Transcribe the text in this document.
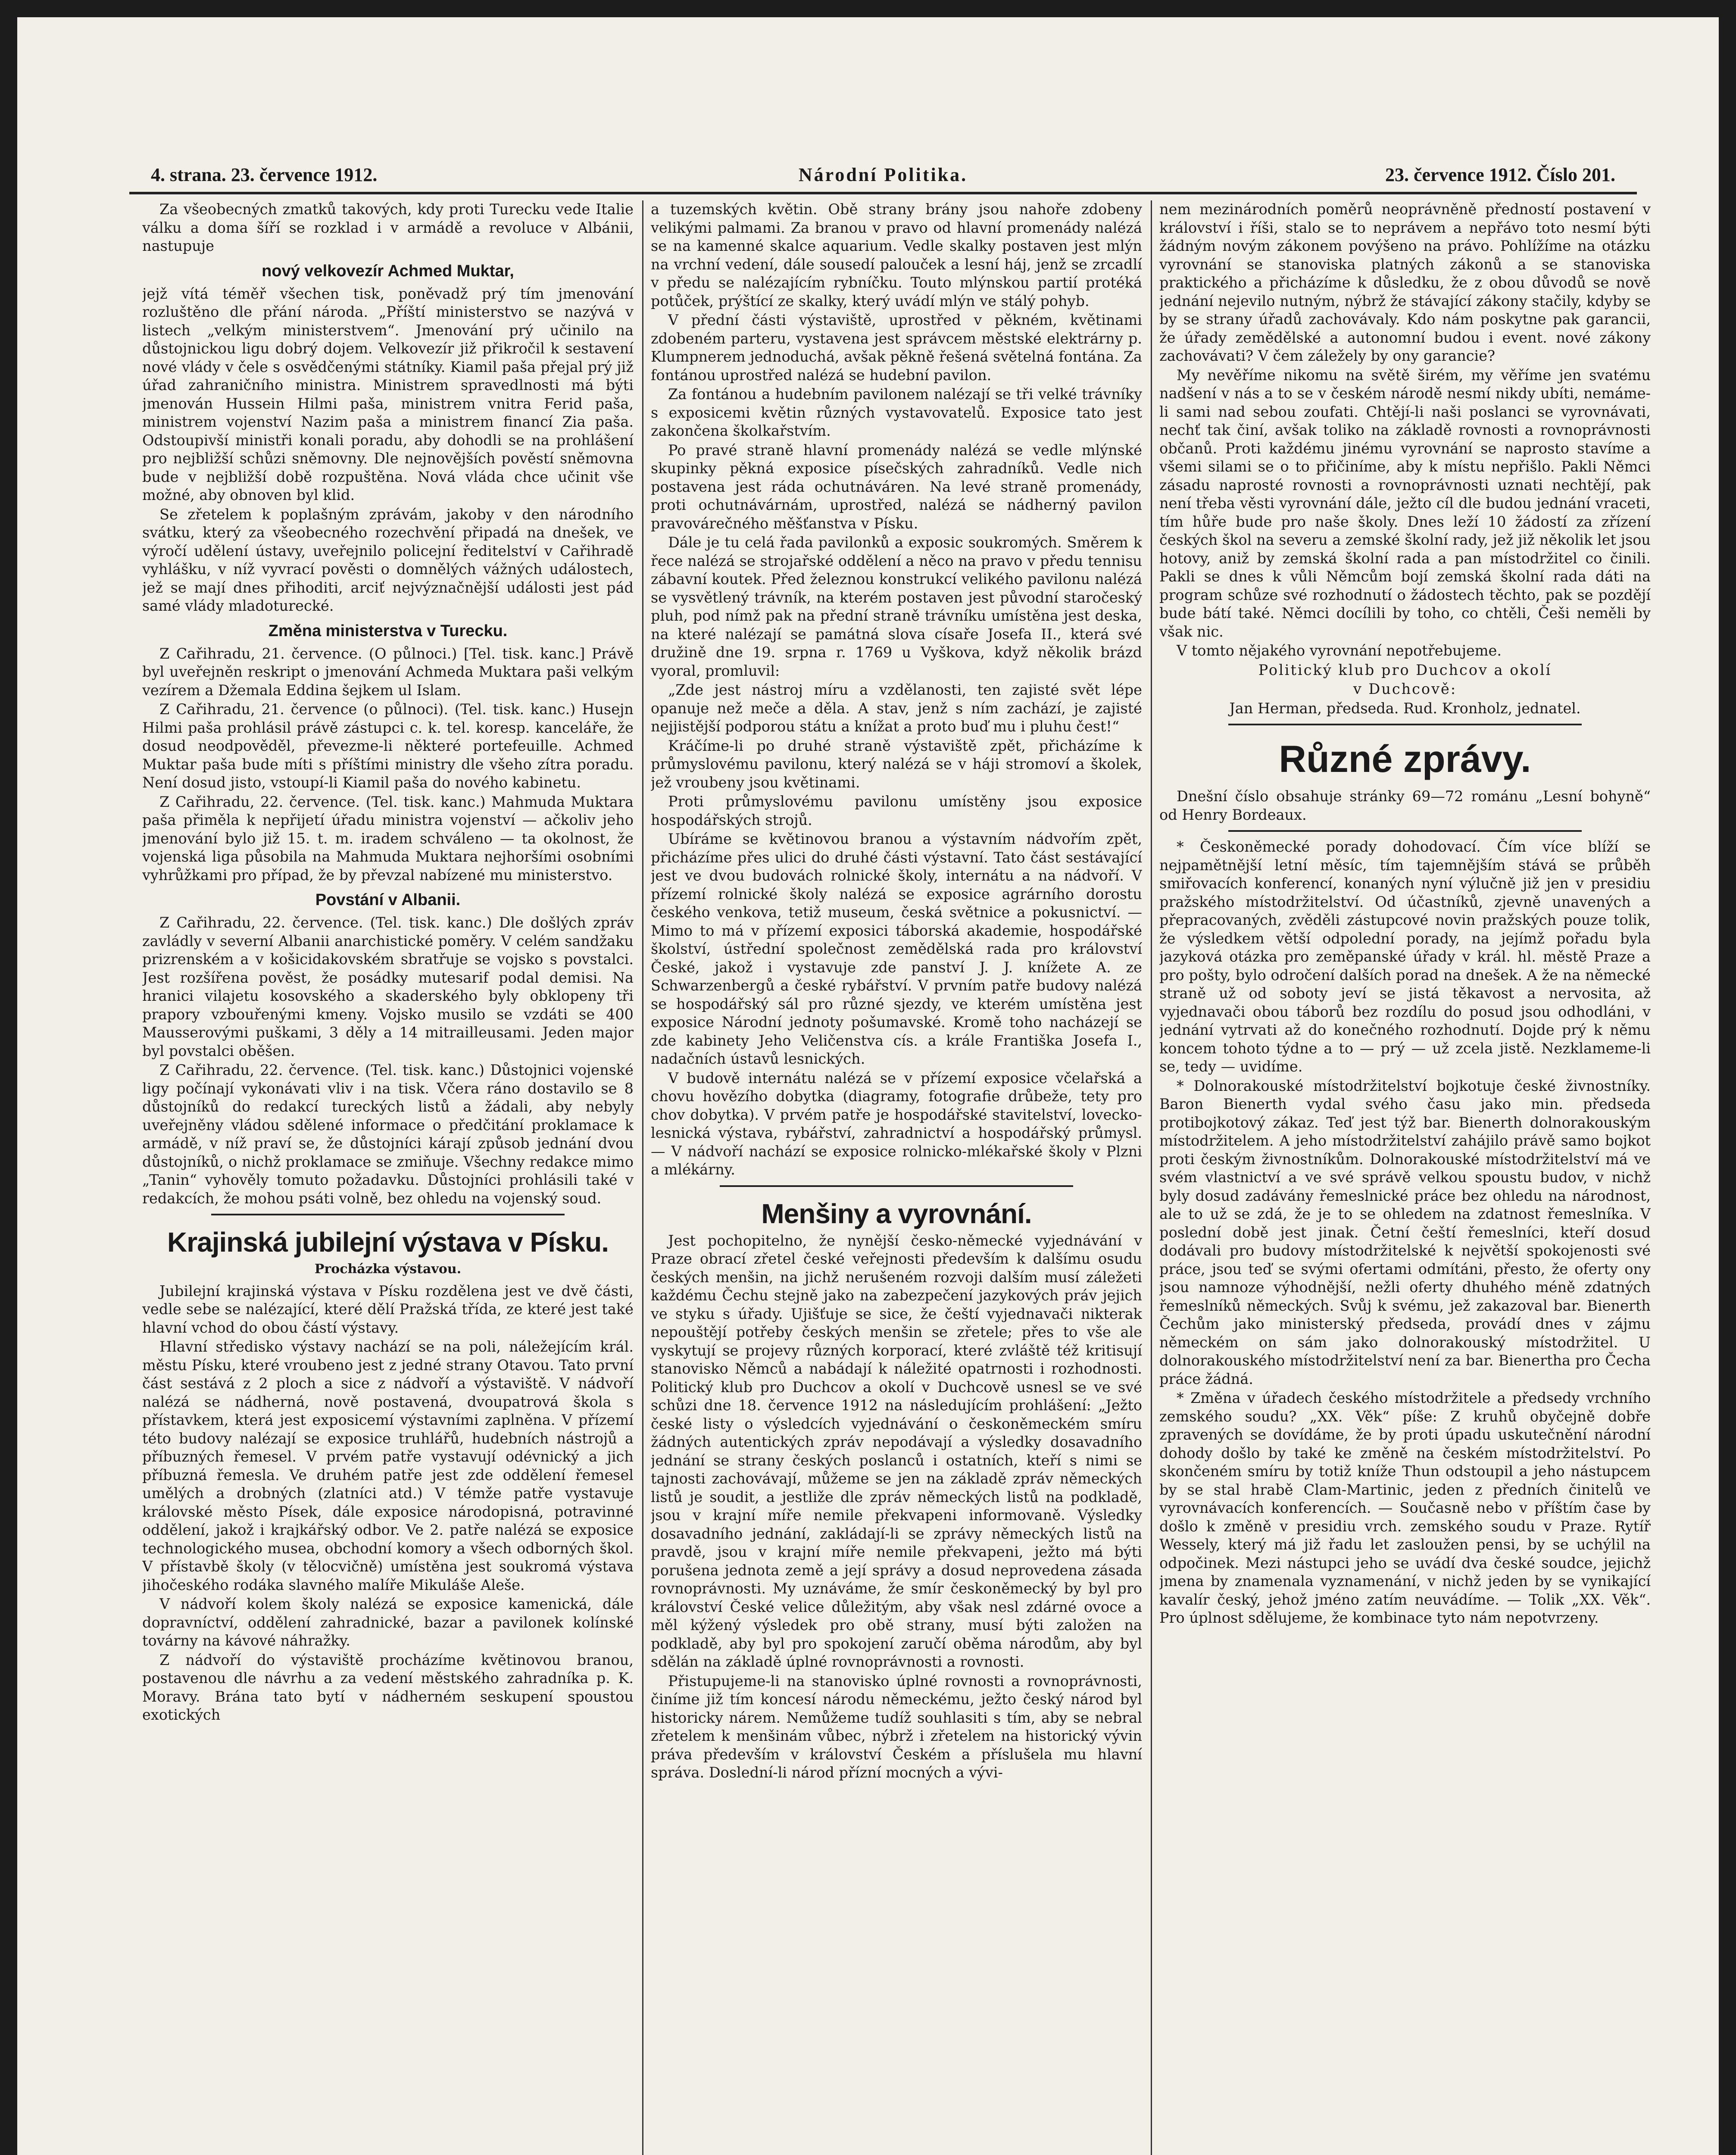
4. strana. 23. července 1912.	Národní Politika.	23. července 1912. Číslo 201.

Za všeobecných zmatků takových, kdy proti Turecku vede Italie válku a doma šíří se rozklad i v armádě a revoluce v Albánii, nastupuje

nový velkovezír Achmed Muktar,

jejž vítá téměř všechen tisk, poněvadž prý tím jmenování rozluštěno dle přání národa. „Příští ministerstvo se nazývá v listech „velkým ministerstvem“. Jmenování prý učinilo na důstojnickou ligu dobrý dojem. Velkovezír již přikročil k sestavení nové vlády v čele s osvědčenými státníky. Kiamil paša přejal prý již úřad zahraničního ministra. Ministrem spravedlnosti má býti jmenován Hussein Hilmi paša, ministrem vnitra Ferid paša, ministrem vojenství Nazim paša a ministrem financí Zia paša. Odstoupivší ministři konali poradu, aby dohodli se na prohlášení pro nejbližší schůzi sněmovny. Dle nejnovějších pověstí sněmovna bude v nejbližší době rozpuštěna. Nová vláda chce učinit vše možné, aby obnoven byl klid.

Se zřetelem k poplašným zprávám, jakoby v den národního svátku, který za všeobecného rozechvění připadá na dnešek, ve výročí udělení ústavy, uveřejnilo policejní ředitelství v Cařihradě vyhlášku, v níž vyvrací pověsti o domnělých vážných událostech, jež se mají dnes přihoditi, arciť nejvýznačnější události jest pád samé vlády mladoturecké.

Změna ministerstva v Turecku.

Z Cařihradu, 21. července. (O půlnoci.) [Tel. tisk. kanc.] Právě byl uveřejněn reskript o jmenování Achmeda Muktara paši velkým vezírem a Džemala Eddina šejkem ul Islam.

Z Cařihradu, 21. července (o půlnoci). (Tel. tisk. kanc.) Husejn Hilmi paša prohlásil právě zástupci c. k. tel. koresp. kanceláře, že dosud neodpověděl, převezme-li některé portefeuille. Achmed Muktar paša bude míti s příštími ministry dle všeho zítra poradu. Není dosud jisto, vstoupí-li Kiamil paša do nového kabinetu.

Z Cařihradu, 22. července. (Tel. tisk. kanc.) Mahmuda Muktara paša přiměla k nepřijetí úřadu ministra vojenství — ačkoliv jeho jmenování bylo již 15. t. m. iradem schváleno — ta okolnost, že vojenská liga působila na Mahmuda Muktara nejhoršími osobními vyhrůžkami pro případ, že by převzal nabízené mu ministerstvo.

Povstání v Albanii.

Z Cařihradu, 22. července. (Tel. tisk. kanc.) Dle došlých zpráv zavládly v severní Albanii anarchistické poměry. V celém sandžaku prizrenském a v košicidakovském sbratřuje se vojsko s povstalci. Jest rozšířena pověst, že posádky mutesarif podal demisi. Na hranici vilajetu kosovského a skaderského byly obklopeny tři prapory vzbouřenými kmeny. Vojsko musilo se vzdáti se 400 Mausserovými puškami, 3 děly a 14 mitrailleusami. Jeden major byl povstalci oběšen.

Z Cařihradu, 22. července. (Tel. tisk. kanc.) Důstojnici vojenské ligy počínají vykonávati vliv i na tisk. Včera ráno dostavilo se 8 důstojníků do redakcí tureckých listů a žádali, aby nebyly uveřejněny vládou sdělené informace o předčitání proklamace k armádě, v níž praví se, že důstojníci kárají způsob jednání dvou důstojníků, o nichž proklamace se zmiňuje. Všechny redakce mimo „Tanin“ vyhověly tomuto požadavku. Důstojníci prohlásili také v redakcích, že mohou psáti volně, bez ohledu na vojenský soud.

Krajinská jubilejní výstava v Písku.
Procházka výstavou.

Jubilejní krajinská výstava v Písku rozdělena jest ve dvě části, vedle sebe se nalézající, které dělí Pražská třída, ze které jest také hlavní vchod do obou částí výstavy.

Hlavní středisko výstavy nachází se na poli, náležejícím král. městu Písku, které vroubeno jest z jedné strany Otavou. Tato první část sestává z 2 ploch a sice z nádvoří a výstaviště. V nádvoří nalézá se nádherná, nově postavená, dvoupatrová škola s přístavkem, která jest exposicemí výstavními zaplněna. V přízemí této budovy nalézají se exposice truhlářů, hudebních nástrojů a příbuzných řemesel. V prvém patře vystavují odévnický a jich příbuzná řemesla. Ve druhém patře jest zde oddělení řemesel umělých a drobných (zlatníci atd.) V témže patře vystavuje královské město Písek, dále exposice národopisná, potravinné oddělení, jakož i krajkářský odbor. Ve 2. patře nalézá se exposice technologického musea, obchodní komory a všech odborných škol. V přístavbě školy (v tělocvičně) umístěna jest soukromá výstava jihočeského rodáka slavného malíře Mikuláše Aleše.

V nádvoří kolem školy nalézá se exposice kamenická, dále dopravníctví, oddělení zahradnické, bazar a pavilonek kolínské továrny na kávové náhražky.

Z nádvoří do výstaviště procházíme květinovou branou, postavenou dle návrhu a za vedení městského zahradníka p. K. Moravy. Brána tato bytí v nádherném seskupení spoustou exotických

a tuzemských květin. Obě strany brány jsou nahoře zdobeny velikými palmami. Za branou v pravo od hlavní promenády nalézá se na kamenné skalce aquarium. Vedle skalky postaven jest mlýn na vrchní vedení, dále sousedí palouček a lesní háj, jenž se zrcadlí v předu se nalézajícím rybníčku. Touto mlýnskou partií protéká potůček, prýštící ze skalky, který uvádí mlýn ve stálý pohyb.

V přední části výstaviště, uprostřed v pěkném, květinami zdobeném parteru, vystavena jest správcem městské elektrárny p. Klumpnerem jednoduchá, avšak pěkně řešená světelná fontána. Za fontánou uprostřed nalézá se hudební pavilon.

Za fontánou a hudebním pavilonem nalézají se tři velké trávníky s exposicemi květin různých vystavovatelů. Exposice tato jest zakončena školkařstvím.

Po pravé straně hlavní promenády nalézá se vedle mlýnské skupinky pěkná exposice písečských zahradníků. Vedle nich postavena jest ráda ochutnáváren. Na levé straně promenády, proti ochutnávárnám, uprostřed, nalézá se nádherný pavilon pravovárečného měšťanstva v Písku.

Dále je tu celá řada pavilonků a exposic soukromých. Směrem k řece nalézá se strojařské oddělení a něco na pravo v předu tennisu zábavní koutek. Před železnou konstrukcí velikého pavilonu nalézá se vysvětlený trávník, na kterém postaven jest původní staročeský pluh, pod nímž pak na přední straně trávníku umístěna jest deska, na které nalézají se památná slova císaře Josefa II., která své družině dne 19. srpna r. 1769 u Vyškova, když několik brázd vyoral, promluvil:

„Zde jest nástroj míru a vzdělanosti, ten zajisté svět lépe opanuje než meče a děla. A stav, jenž s ním zachází, je zajisté nejjistější podporou státu a knížat a proto buď mu i pluhu čest!“

Kráčíme-li po druhé straně výstaviště zpět, přicházíme k průmyslovému pavilonu, který nalézá se v háji stromoví a školek, jež vroubeny jsou květinami.

Proti průmyslovému pavilonu umístěny jsou exposice hospodářských strojů.

Ubíráme se květinovou branou a výstavním nádvořím zpět, přicházíme přes ulici do druhé části výstavní. Tato část sestávající jest ve dvou budovách rolnické školy, internátu a na nádvoří. V přízemí rolnické školy nalézá se exposice agrárního dorostu českého venkova, tetiž museum, česká světnice a pokusnictví. — Mimo to má v přízemí exposici táborská akademie, hospodářské školství, ústřední společnost zemědělská rada pro království České, jakož i vystavuje zde panství J. J. knížete A. ze Schwarzenbergů a české rybářství. V prvním patře budovy nalézá se hospodářský sál pro různé sjezdy, ve kterém umístěna jest exposice Národní jednoty pošumavské. Kromě toho nacházejí se zde kabinety Jeho Veličenstva cís. a krále Františka Josefa I., nadačních ústavů lesnických.

V budově internátu nalézá se v přízemí exposice včelařská a chovu hovězího dobytka (diagramy, fotografie drůbeže, tety pro chov dobytka). V prvém patře je hospodářské stavitelství, lovecko-lesnická výstava, rybářství, zahradnictví a hospodářský průmysl. — V nádvoří nachází se exposice rolnicko-mlékařské školy v Plzni a mlékárny.

Menšiny a vyrovnání.

Jest pochopitelno, že nynější česko-německé vyjednávání v Praze obrací zřetel české veřejnosti především k dalšímu osudu českých menšin, na jichž nerušeném rozvoji dalším musí záležeti každému Čechu stejně jako na zabezpečení jazykových práv jejich ve styku s úřady. Ujišťuje se sice, že čeští vyjednavači nikterak nepouštějí potřeby českých menšin se zřetele; přes to vše ale vyskytují se projevy různých korporací, které zvláště též kritisují stanovisko Němců a nabádají k náležité opatrnosti i rozhodnosti. Politický klub pro Duchcov a okolí v Duchcově usnesl se ve své schůzi dne 18. července 1912 na následujícím prohlášení: „Ježto české listy o výsledcích vyjednávání o českoněmeckém smíru žádných autentických zpráv nepodávají a výsledky dosavadního jednání se strany českých poslanců i ostatních, kteří s nimi se tajnosti zachovávají, můžeme se jen na základě zpráv německých listů je soudit, a jestliže dle zpráv německých listů na podkladě, jsou v krajní míře nemile překvapeni informovaně. Výsledky dosavadního jednání, zakládají-li se zprávy německých listů na pravdě, jsou v krajní míře nemile překvapeni, ježto má býti porušena jednota země a její správy a dosud neprovedena zásada rovnoprávnosti. My uznáváme, že smír českoněmecký by byl pro království České velice důležitým, aby však nesl zdárné ovoce a měl kýžený výsledek pro obě strany, musí býti založen na podkladě, aby byl pro spokojení zaručí oběma národům, aby byl sdělán na základě úplné rovnoprávnosti a rovnosti.

Přistupujeme-li na stanovisko úplné rovnosti a rovnoprávnosti, činíme již tím koncesí národu německému, ježto český národ byl historicky nárem. Nemůžeme tudíž souhlasiti s tím, aby se nebral zřetelem k menšinám vůbec, nýbrž i zřetelem na historický vývin práva především v království Českém a příslušela mu hlavní správa. Doslední-li národ přízní mocných a vývi-

nem mezinárodních poměrů neoprávněně předností postavení v království i říši, stalo se to neprávem a nepřávo toto nesmí býti žádným novým zákonem povýšeno na právo. Pohlížíme na otázku vyrovnání se stanoviska platných zákonů a se stanoviska praktického a přicházíme k důsledku, že z obou důvodů se nově jednání nejevilo nutným, nýbrž že stávající zákony stačily, kdyby se by se strany úřadů zachovávaly. Kdo nám poskytne pak garancii, že úřady zemědělské a autonomní budou i event. nové zákony zachovávati? V čem záležely by ony garancie?

My nevěříme nikomu na světě širém, my věříme jen svatému nadšení v nás a to se v českém národě nesmí nikdy ubíti, nemáme-li sami nad sebou zoufati. Chtějí-li naši poslanci se vyrovnávati, nechť tak činí, avšak toliko na základě rovnosti a rovnoprávnosti občanů. Proti každému jinému vyrovnání se naprosto stavíme a všemi silami se o to přičiníme, aby k místu nepřišlo. Pakli Němci zásadu naprosté rovnosti a rovnoprávnosti uznati nechtějí, pak není třeba věsti vyrovnání dále, ježto cíl dle budou jednání vraceti, tím hůře bude pro naše školy. Dnes leží 10 žádostí za zřízení českých škol na severu a zemské školní rady, jež již několik let jsou hotovy, aniž by zemská školní rada a pan místodržitel co činili. Pakli se dnes k vůli Němcům bojí zemská školní rada dáti na program schůze své rozhodnutí o žádostech těchto, pak se pozdějí bude bátí také. Němci docílili by toho, co chtěli, Češi neměli by však nic.

V tomto nějakého vyrovnání nepotřebujeme.

Politický klub pro Duchcov a okolí

v Duchcově:

Jan Herman, předseda. Rud. Kronholz, jednatel.

Různé zprávy.

Dnešní číslo obsahuje stránky 69—72 románu „Lesní bohyně“ od Henry Bordeaux.

* Českoněmecké porady dohodovací. Čím více blíží se nejpamětnější letní měsíc, tím tajemnějším stává se průběh smiřovacích konferencí, konaných nyní výlučně již jen v presidiu pražského místodržitelství. Od účastníků, zjevně unavených a přepracovaných, zvěděli zástupcové novin pražských pouze tolik, že výsledkem větší odpolední porady, na jejímž pořadu byla jazyková otázka pro zeměpanské úřady v král. hl. městě Praze a pro pošty, bylo odročení dalších porad na dnešek. A že na německé straně už od soboty jeví se jistá těkavost a nervosita, až vyjednavači obou táborů bez rozdílu do posud jsou odhodláni, v jednání vytrvati až do konečného rozhodnutí. Dojde prý k němu koncem tohoto týdne a to — prý — už zcela jistě. Nezklameme-li se, tedy — uvidíme.

* Dolnorakouské místodržitelství bojkotuje české živnostníky. Baron Bienerth vydal svého času jako min. předseda protibojkotový zákaz. Teď jest týž bar. Bienerth dolnorakouským místodržitelem. A jeho místodržitelství zahájilo právě samo bojkot proti českým živnostníkům. Dolnorakouské místodržitelství má ve svém vlastnictví a ve své správě velkou spoustu budov, v nichž byly dosud zadávány řemeslnické práce bez ohledu na národnost, ale to už se zdá, že je to se ohledem na zdatnost řemeslníka. V poslední době jest jinak. Četní čeští řemeslníci, kteří dosud dodávali pro budovy místodržitelské k největší spokojenosti své práce, jsou teď se svými ofertami odmítáni, přesto, že oferty ony jsou namnoze výhodnější, nežli oferty dhuhého méně zdatných řemeslníků německých. Svůj k svému, jež zakazoval bar. Bienerth Čechům jako ministerský předseda, provádí dnes v zájmu německém on sám jako dolnorakouský místodržitel. U dolnorakouského místodržitelství není za bar. Bienertha pro Čecha práce žádná.

* Změna v úřadech českého místodržitele a předsedy vrchního zemského soudu? „XX. Věk“ píše: Z kruhů obyčejně dobře zpravených se dovídáme, že by proti úpadu uskutečnění národní dohody došlo by také ke změně na českém místodržitelství. Po skončeném smíru by totiž kníže Thun odstoupil a jeho nástupcem by se stal hrabě Clam-Martinic, jeden z předních činitelů ve vyrovnávacích konferencích. — Současně nebo v příštím čase by došlo k změně v presidiu vrch. zemského soudu v Praze. Rytíř Wessely, který má již řadu let zasloužen pensi, by se uchýlil na odpočinek. Mezi nástupci jeho se uvádí dva české soudce, jejichž jmena by znamenala vyznamenání, v nichž jeden by se vynikající kavalír český, jehož jméno zatím neuvádíme. — Tolik „XX. Věk“. Pro úplnost sdělujeme, že kombinace tyto nám nepotvrzeny.
